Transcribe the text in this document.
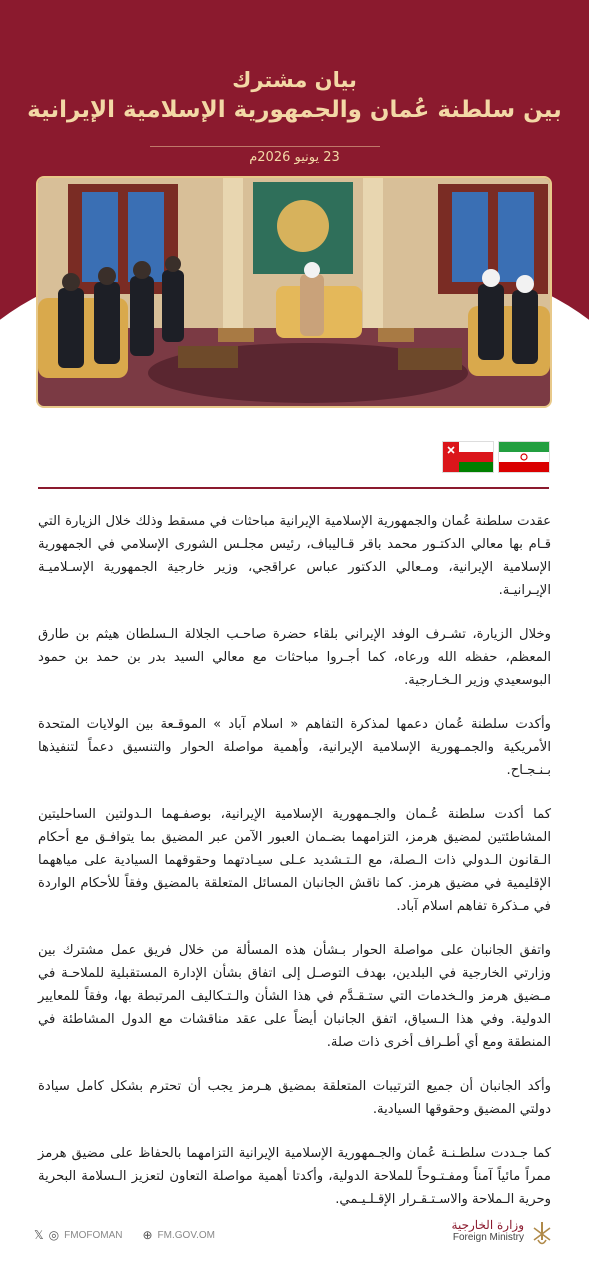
بيان مشترك
بين سلطنة عُمان والجمهورية الإسلامية الإيرانية
23 يونيو 2026م

عقدت سلطنة عُمان والجمهورية الإسلامية الإيرانية مباحثات في مسقط وذلك خلال الزيارة التي قـام بها معالي الدكتـور محمد باقر قـاليباف، رئيس مجلـس الشورى الإسلامي في الجمهورية الإسلامية الإيرانية، ومـعالي الدكتور عباس عراقجي، وزير خارجية الجمهورية الإسـلاميـة الإيـرانيـة.

وخلال الزيارة، تشـرف الوفد الإيراني بلقاء حضرة صاحـب الجلالة الـسلطان هيثم بن طارق المعظم، حفظه الله ورعاه، كما أجـروا مباحثات مع معالي السيد بدر بن حمد بن حمود البوسعيدي وزير الـخـارجية.

وأكدت سلطنة عُمان دعمها لمذكرة التفاهم « اسلام آباد » الموقـعة بين الولايات المتحدة الأمريكية والجمـهورية الإسلامية الإيرانية، وأهمية مواصلة الحوار والتنسيق دعماً لتنفيذها بـنـجـاح.

كما أكدت سلطنة عُـمان والجـمهورية الإسلامية الإيرانية، بوصفـهما الـدولتين الساحليتين المشاطئتين لمضيق هرمز، التزامهما بضـمان العبور الآمن عبر المضيق بما يتوافـق مع أحكام الـقانون الـدولي ذات الـصلة، مع الـتـشديد عـلى سيـادتهما وحقوقهما السيادية على مياههما الإقليمية في مضيق هرمز. كما ناقش الجانبان المسائل المتعلقة بالمضيق وفقاً للأحكام الواردة في مـذكرة تفاهم اسلام آباد.

واتفق الجانبان على مواصلة الحوار بـشأن هذه المسألة من خلال فريق عمل مشترك بين وزارتي الخارجية في البلدين، بهدف التوصـل إلى اتفاق بشأن الإدارة المستقبلية للملاحـة في مـضيق هرمز والـخدمات التي ستـقـدَّم في هذا الشأن والـتـكاليف المرتبطة بها، وفقاً للمعايير الدولية. وفي هذا الـسياق، اتفق الجانبان أيضاً على عقد مناقشات مع الدول المشاطئة في المنطقة ومع أي أطـراف أخرى ذات صلة.

وأكد الجانبان أن جميع الترتيبات المتعلقة بمضيق هـرمز يجب أن تحترم بشكل كامل سيادة دولتي المضيق وحقوقها السيادية.

كما جـددت سلطـنـة عُمان والجـمهورية الإسلامية الإيرانية التزامهما بالحفاظ على مضيق هرمز ممراً مائياً آمناً ومفـتـوحاً للملاحة الدولية، وأكدتا أهمية مواصلة التعاون لتعزيز الـسلامة البحرية وحرية الـملاحة والاسـتـقـرار الإقـلـيـمي.

𝕏 ◎ FMOFOMAN ⊕ FM.GOV.OM
وزارة الخارجية
Foreign Ministry
